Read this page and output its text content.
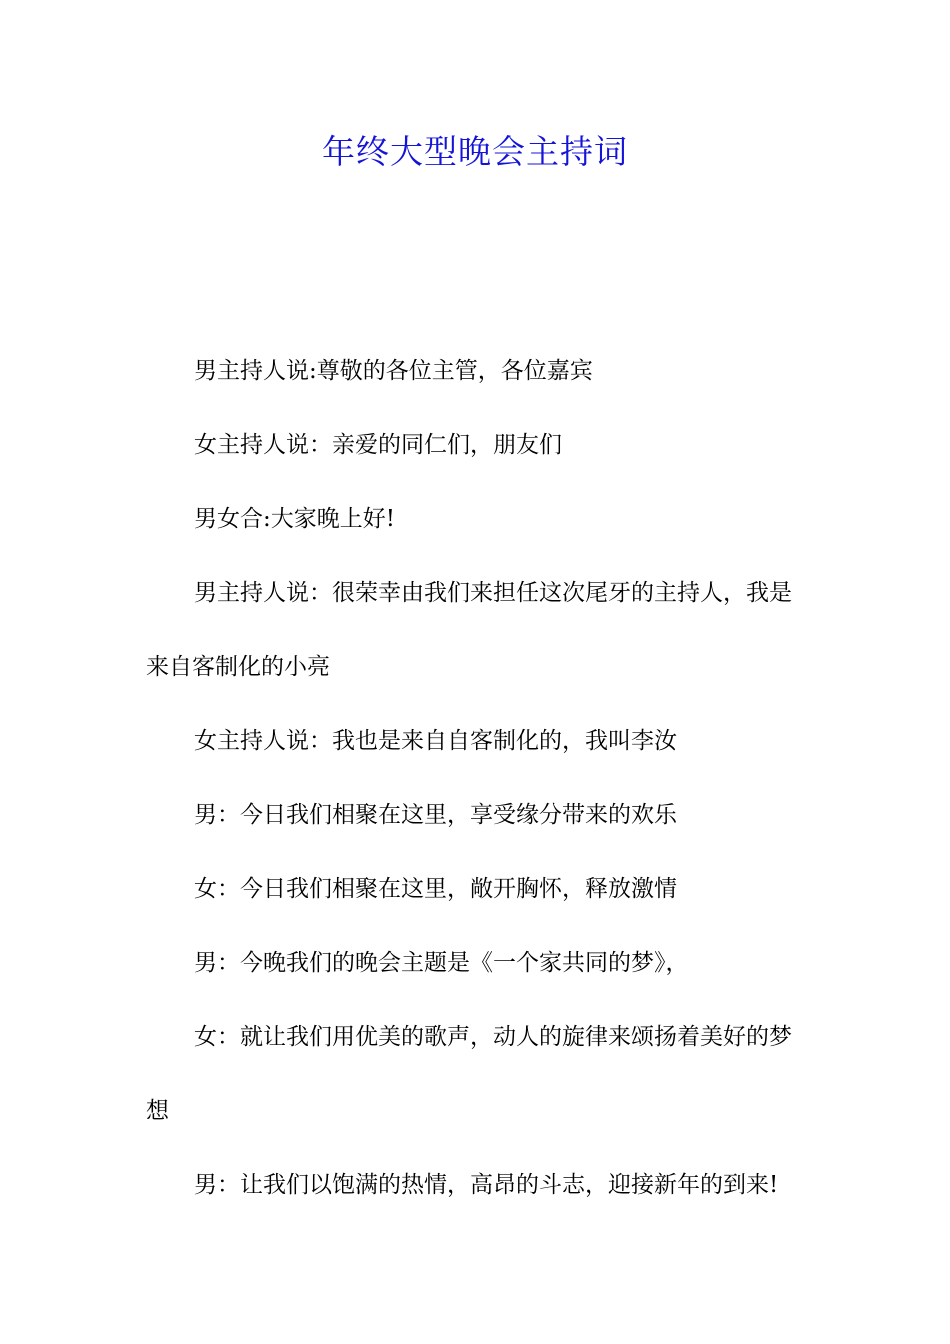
年终大型晚会主持词

男主持人说:尊敬的各位主管，各位嘉宾

女主持人说：亲爱的同仁们，朋友们

男女合:大家晚上好!

男主持人说：很荣幸由我们来担任这次尾牙的主持人，我是来自客制化的小亮

女主持人说：我也是来自自客制化的，我叫李汝

男：今日我们相聚在这里，享受缘分带来的欢乐

女：今日我们相聚在这里，敞开胸怀，释放激情

男：今晚我们的晚会主题是《一个家共同的梦》，

女：就让我们用优美的歌声，动人的旋律来颂扬着美好的梦想

男：让我们以饱满的热情，高昂的斗志，迎接新年的到来!
